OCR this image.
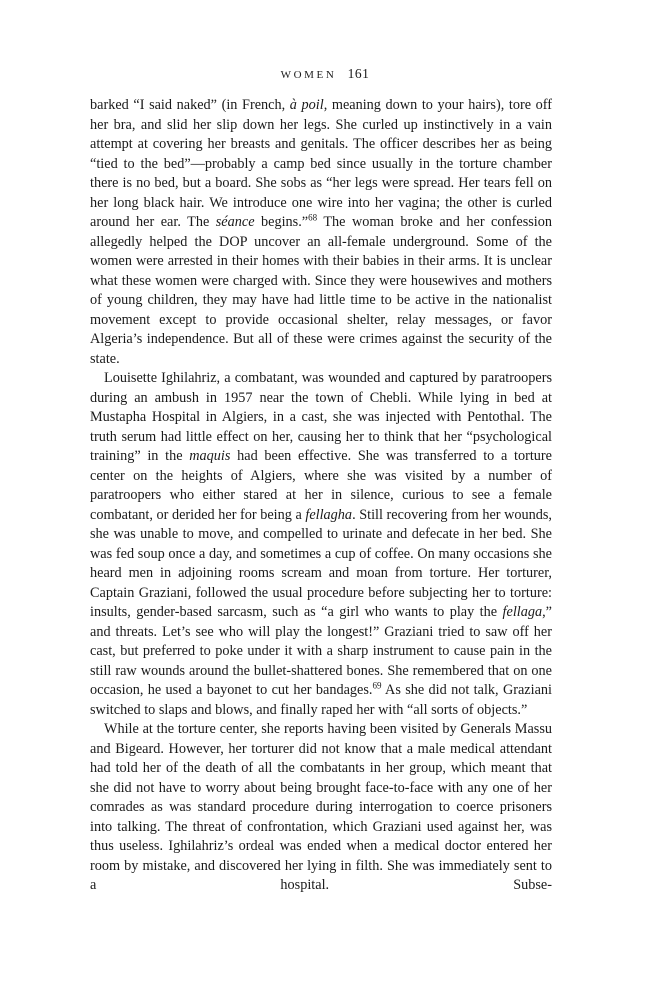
WOMEN 161

barked “I said naked” (in French, à poil, meaning down to your hairs), tore off her bra, and slid her slip down her legs. She curled up instinctively in a vain attempt at covering her breasts and genitals. The officer describes her as being “tied to the bed”—probably a camp bed since usually in the torture chamber there is no bed, but a board. She sobs as “her legs were spread. Her tears fell on her long black hair. We introduce one wire into her vagina; the other is curled around her ear. The séance begins.”$^{68}$ The woman broke and her confession allegedly helped the DOP uncover an all-female underground. Some of the women were arrested in their homes with their babies in their arms. It is unclear what these women were charged with. Since they were housewives and mothers of young children, they may have had little time to be active in the nationalist movement except to provide occasional shelter, relay messages, or favor Algeria’s independence. But all of these were crimes against the security of the state.

Louisette Ighilahriz, a combatant, was wounded and captured by paratroopers during an ambush in 1957 near the town of Chebli. While lying in bed at Mustapha Hospital in Algiers, in a cast, she was injected with Pentothal. The truth serum had little effect on her, causing her to think that her “psychological training” in the maquis had been effective. She was transferred to a torture center on the heights of Algiers, where she was visited by a number of paratroopers who either stared at her in silence, curious to see a female combatant, or derided her for being a fellagha. Still recovering from her wounds, she was unable to move, and compelled to urinate and defecate in her bed. She was fed soup once a day, and sometimes a cup of coffee. On many occasions she heard men in adjoining rooms scream and moan from torture. Her torturer, Captain Graziani, followed the usual procedure before subjecting her to torture: insults, gender-based sarcasm, such as “a girl who wants to play the fellaga,” and threats. Let’s see who will play the longest!” Graziani tried to saw off her cast, but preferred to poke under it with a sharp instrument to cause pain in the still raw wounds around the bullet-shattered bones. She remembered that on one occasion, he used a bayonet to cut her bandages.$^{69}$ As she did not talk, Graziani switched to slaps and blows, and finally raped her with “all sorts of objects.”

While at the torture center, she reports having been visited by Generals Massu and Bigeard. However, her torturer did not know that a male medical attendant had told her of the death of all the combatants in her group, which meant that she did not have to worry about being brought face-to-face with any one of her comrades as was standard procedure during interrogation to coerce prisoners into talking. The threat of confrontation, which Graziani used against her, was thus useless. Ighilahriz’s ordeal was ended when a medical doctor entered her room by mistake, and discovered her lying in filth. She was immediately sent to a hospital. Subse-
